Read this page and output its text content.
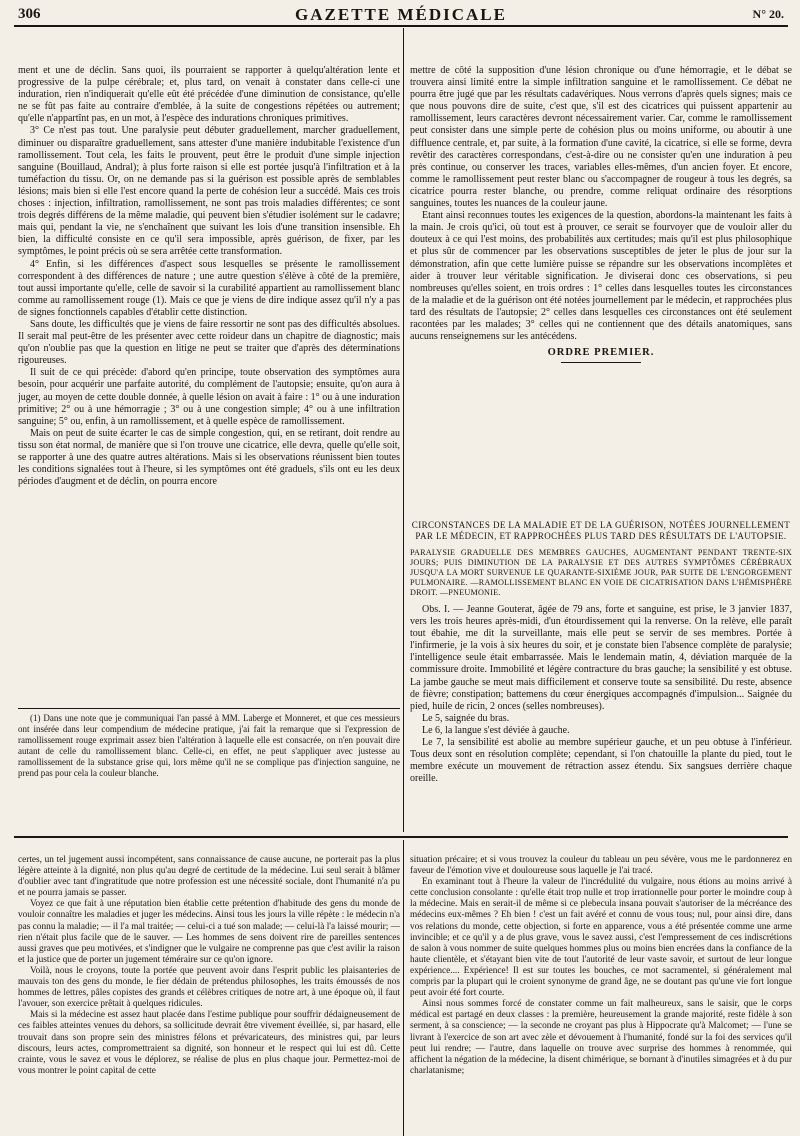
306	GAZETTE MÉDICALE	N° 20.

ment et une de déclin. Sans quoi, ils pourraient se rapporter à quelqu'altération lente et progressive de la pulpe cérébrale; et, plus tard, on venait à constater dans celle-ci une induration, rien n'indiquerait qu'elle eût été précédée d'une diminution de consistance, qu'elle ne se fût pas faite au contraire d'emblée, à la suite de congestions répétées ou autrement; qu'elle n'appartînt pas, en un mot, à l'espèce des indurations chroniques primitives.

3° Ce n'est pas tout. Une paralysie peut débuter graduellement, marcher graduellement, diminuer ou disparaître graduellement, sans attester d'une manière indubitable l'existence d'un ramollissement. Tout cela, les faits le prouvent, peut être le produit d'une simple injection sanguine (Bouillaud, Andral); à plus forte raison si elle est portée jusqu'à l'infiltration et à la tuméfaction du tissu. Or, on ne demande pas si la guérison est possible après de semblables lésions; mais bien si elle l'est encore quand la perte de cohésion leur a succédé. Mais ces trois choses : injection, infiltration, ramollissement, ne sont pas trois maladies différentes; ce sont trois degrés différens de la même maladie, qui peuvent bien s'étudier isolément sur le cadavre; mais qui, pendant la vie, ne s'enchaînent que suivant les lois d'une transition insensible. Eh bien, la difficulté consiste en ce qu'il sera impossible, après guérison, de fixer, par les symptômes, le point précis où se sera arrêtée cette transformation.

4° Enfin, si les différences d'aspect sous lesquelles se présente le ramollissement correspondent à des différences de nature ; une autre question s'élève à côté de la première, tout aussi importante qu'elle, celle de savoir si la curabilité appartient au ramollissement blanc comme au ramollissement rouge (1). Mais ce que je viens de dire indique assez qu'il n'y a pas de signes fonctionnels capables d'établir cette distinction.

Sans doute, les difficultés que je viens de faire ressortir ne sont pas des difficultés absolues. Il serait mal peut-être de les présenter avec cette roideur dans un chapitre de diagnostic; mais qu'on n'oublie pas que la question en litige ne peut se traiter que d'après des déterminations rigoureuses.

Il suit de ce qui précède: d'abord qu'en principe, toute observation des symptômes aura besoin, pour acquérir une parfaite autorité, du complément de l'autopsie; ensuite, qu'on aura à juger, au moyen de cette double donnée, à quelle lésion on avait à faire : 1° ou à une induration primitive; 2° ou à une hémorragie ; 3° ou à une congestion simple; 4° ou à une infiltration sanguine; 5° ou, enfin, à un ramollissement, et à quelle espèce de ramollissement.

Mais on peut de suite écarter le cas de simple congestion, qui, en se retirant, doit rendre au tissu son état normal, de manière que si l'on trouve une cicatrice, elle devra, quelle qu'elle soit, se rapporter à une des quatre autres altérations. Mais si les observations réunissent bien toutes les conditions signalées tout à l'heure, si les symptômes ont été graduels, s'ils ont eu les deux périodes d'augment et de déclin, on pourra encore

(1) Dans une note que je communiquai l'an passé à MM. Laberge et Monneret, et que ces messieurs ont insérée dans leur compendium de médecine pratique, j'ai fait la remarque que si l'expression de ramollissement rouge exprimait assez bien l'altération à laquelle elle est consacrée, on n'en pouvait dire autant de celle du ramollissement blanc. Celle-ci, en effet, ne peut s'appliquer avec justesse au ramollissement de la substance grise qui, lors même qu'il ne se complique pas d'injection sanguine, ne prend pas pour cela la couleur blanche.

mettre de côté la supposition d'une lésion chronique ou d'une hémorragie, et le débat se trouvera ainsi limité entre la simple infiltration sanguine et le ramollissement. Ce débat ne pourra être jugé que par les résultats cadavériques. Nous verrons d'après quels signes; mais ce que nous pouvons dire de suite, c'est que, s'il est des cicatrices qui puissent appartenir au ramollissement, leurs caractères devront nécessairement varier. Car, comme le ramollissement peut consister dans une simple perte de cohésion plus ou moins uniforme, ou aboutir à une diffluence centrale, et, par suite, à la formation d'une cavité, la cicatrice, si elle se forme, devra revêtir des caractères correspondans, c'est-à-dire ou ne consister qu'en une induration à peu près continue, ou conserver les traces, variables elles-mêmes, d'un ancien foyer. Et encore, comme le ramollissement peut rester blanc ou s'accompagner de rougeur à tous les degrés, sa cicatrice pourra rester blanche, ou prendre, comme reliquat ordinaire des résorptions sanguines, toutes les nuances de la couleur jaune.

Etant ainsi reconnues toutes les exigences de la question, abordons-la maintenant les faits à la main. Je crois qu'ici, où tout est à prouver, ce serait se fourvoyer que de vouloir aller du douteux à ce qui l'est moins, des probabilités aux certitudes; mais qu'il est plus philosophique et plus sûr de commencer par les observations susceptibles de jeter le plus de jour sur la démonstration, afin que cette lumière puisse se répandre sur les observations incomplètes et aider à trouver leur véritable signification. Je diviserai donc ces observations, si peu nombreuses qu'elles soient, en trois ordres : 1° celles dans lesquelles toutes les circonstances de la maladie et de la guérison ont été notées journellement par le médecin, et rapprochées plus tard des résultats de l'autopsie; 2° celles dans lesquelles ces circonstances ont été seulement racontées par les malades; 3° celles qui ne contiennent que des détails anatomiques, sans aucuns renseignemens sur les antécédens.

ORDRE PREMIER.
CIRCONSTANCES DE LA MALADIE ET DE LA GUÉRISON, NOTÉES JOURNELLEMENT PAR LE MÉDECIN, ET RAPPROCHÉES PLUS TARD DES RÉSULTATS DE L'AUTOPSIE.
PARALYSIE GRADUELLE DES MEMBRES GAUCHES, AUGMENTANT PENDANT TRENTE-SIX JOURS; PUIS DIMINUTION DE LA PARALYSIE ET DES AUTRES SYMPTÔMES CÉRÉBRAUX JUSQU'A LA MORT SURVENUE LE QUARANTE-SIXIÈME JOUR, PAR SUITE DE L'ENGORGEMENT PULMONAIRE. —RAMOLLISSEMENT BLANC EN VOIE DE CICATRISATION DANS L'HÉMISPHÈRE DROIT. —PNEUMONIE.

Obs. I. — Jeanne Gouterat, âgée de 79 ans, forte et sanguine, est prise, le 3 janvier 1837, vers les trois heures après-midi, d'un étourdissement qui la renverse. On la relève, elle paraît tout ébahie, me dit la surveillante, mais elle peut se servir de ses membres. Portée à l'infirmerie, je la vois à six heures du soir, et je constate bien l'absence complète de paralysie; l'intelligence seule était embarrassée. Mais le lendemain matin, 4, déviation marquée de la commissure droite. Immobilité et légère contracture du bras gauche; la sensibilité y est obtuse. La jambe gauche se meut mais difficilement et conserve toute sa sensibilité. Du reste, absence de fièvre; constipation; battemens du cœur énergiques accompagnés d'impulsion... Saignée du pied, huile de ricin, 2 onces (selles nombreuses).

Le 5, saignée du bras.

Le 6, la langue s'est déviée à gauche.

Le 7, la sensibilité est abolie au membre supérieur gauche, et un peu obtuse à l'inférieur. Tous deux sont en résolution complète; cependant, si l'on chatouille la plante du pied, tout le membre exécute un mouvement de rétraction assez étendu. Six sangsues derrière chaque oreille.

certes, un tel jugement aussi incompétent, sans connaissance de cause aucune, ne porterait pas la plus légère atteinte à la dignité, non plus qu'au degré de certitude de la médecine. Lui seul serait à blâmer d'oublier avec tant d'ingratitude que notre profession est une nécessité sociale, dont l'humanité n'a pu et ne pourra jamais se passer.

Voyez ce que fait à une réputation bien établie cette prétention d'habitude des gens du monde de vouloir connaître les maladies et juger les médecins. Ainsi tous les jours la ville répète : le médecin n'a pas connu la maladie; — il l'a mal traitée; — celui-ci a tué son malade; — celui-là l'a laissé mourir; — rien n'était plus facile que de le sauver. — Les hommes de sens doivent rire de pareilles sentences aussi graves que peu motivées, et s'indigner que le vulgaire ne comprenne pas que c'est avilir la raison et la justice que de porter un jugement téméraire sur ce qu'on ignore.

Voilà, nous le croyons, toute la portée que peuvent avoir dans l'esprit public les plaisanteries de mauvais ton des gens du monde, le fier dédain de prétendus philosophes, les traits émoussés de nos hommes de lettres, pâles copistes des grands et célèbres critiques de notre art, à une époque où, il faut l'avouer, son exercice prêtait à quelques ridicules.

Mais si la médecine est assez haut placée dans l'estime publique pour souffrir dédaigneusement de ces faibles atteintes venues du dehors, sa sollicitude devrait être vivement éveillée, si, par hasard, elle trouvait dans son propre sein des ministres félons et prévaricateurs, des ministres qui, par leurs discours, leurs actes, compromettraient sa dignité, son honneur et le respect qui lui est dû. Cette crainte, vous le savez et vous le déplorez, se réalise de plus en plus chaque jour. Permettez-moi de vous montrer le point capital de cette

situation précaire; et si vous trouvez la couleur du tableau un peu sévère, vous me le pardonnerez en faveur de l'émotion vive et douloureuse sous laquelle je l'ai tracé.

En examinant tout à l'heure la valeur de l'incrédulité du vulgaire, nous étions au moins arrivé à cette conclusion consolante : qu'elle était trop nulle et trop irrationnelle pour porter le moindre coup à la médecine. Mais en serait-il de même si ce plebecula insana pouvait s'autoriser de la mécréance des médecins eux-mêmes ? Eh bien ! c'est un fait avéré et connu de vous tous; nul, pour ainsi dire, dans vos relations du monde, cette objection, si forte en apparence, vous a été présentée comme une arme invincible; et ce qu'il y a de plus grave, vous le savez aussi, c'est l'empressement de ces indiscrétions de salon à vous nommer de suite quelques hommes plus ou moins bien encrées dans la confiance de la haute clientèle, et s'étayant bien vite de tout l'autorité de leur vaste savoir, et surtout de leur longue expérience.... Expérience! Il est sur toutes les bouches, ce mot sacramentel, si généralement mal compris par la plupart qui le croient synonyme de grand âge, ne se doutant pas qu'une vie fort longue peut avoir été fort courte.

Ainsi nous sommes forcé de constater comme un fait malheureux, sans le saisir, que le corps médical est partagé en deux classes : la première, heureusement la grande majorité, reste fidèle à son serment, à sa conscience; — la seconde ne croyant pas plus à Hippocrate qu'à Malcomet; — l'une se livrant à l'exercice de son art avec zèle et dévouement à l'humanité, fondé sur la foi des services qu'il peut lui rendre; — l'autre, dans laquelle on trouve avec surprise des hommes à renommée, qui affichent la négation de la médecine, la disent chimérique, se bornant à d'inutiles simagrées et à du pur charlatanisme;
